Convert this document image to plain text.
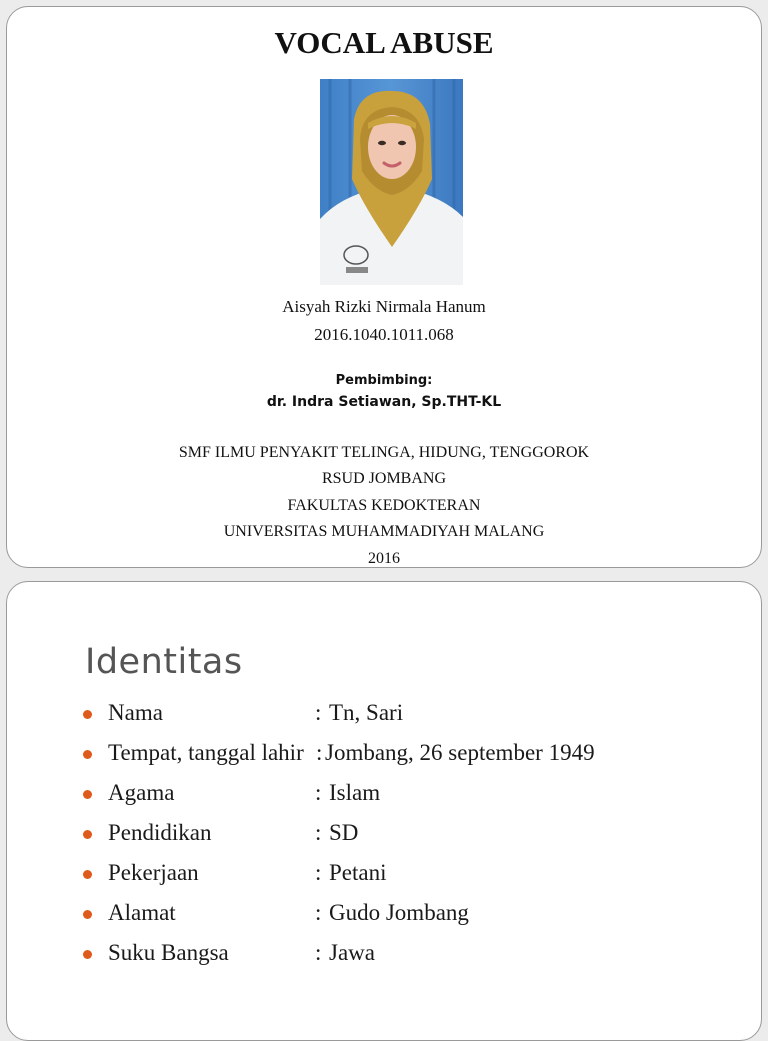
VOCAL ABUSE
Aisyah Rizki Nirmala Hanum
2016.1040.1011.068
Pembimbing:
dr. Indra Setiawan, Sp.THT-KL
SMF ILMU PENYAKIT TELINGA, HIDUNG, TENGGOROK
RSUD JOMBANG
FAKULTAS KEDOKTERAN
UNIVERSITAS MUHAMMADIYAH MALANG
2016
Identitas
Nama	: Tn, Sari
Tempat, tanggal lahir : Jombang, 26 september 1949
Agama	: Islam
Pendidikan	: SD
Pekerjaan	: Petani
Alamat	: Gudo Jombang
Suku Bangsa	: Jawa
